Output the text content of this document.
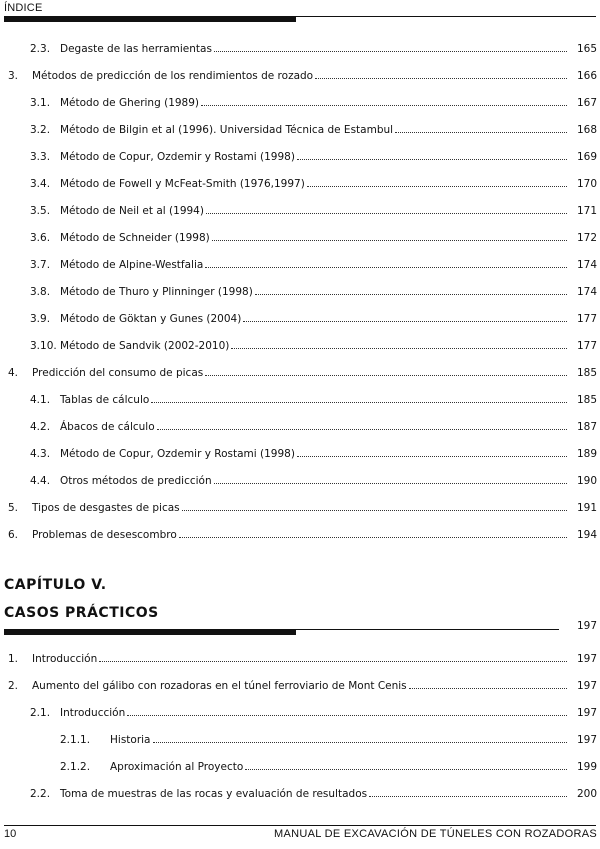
ÍNDICE
2.3. Degaste de las herramientas	165
3.	Métodos de predicción de los rendimientos de rozado	166
3.1. Método de Ghering (1989)	167
3.2. Método de Bilgin et al (1996). Universidad Técnica de Estambul	168
3.3. Método de Copur, Ozdemir y Rostami (1998)	169
3.4. Método de Fowell y McFeat-Smith (1976,1997)	170
3.5. Método de Neil et al (1994)	171
3.6. Método de Schneider (1998)	172
3.7. Método de Alpine-Westfalia	174
3.8. Método de Thuro y Plinninger (1998)	174
3.9. Método de Göktan y Gunes (2004)	177
3.10. Método de Sandvik (2002-2010)	177
4.	Predicción del consumo de picas	185
4.1. Tablas de cálculo	185
4.2. Ábacos de cálculo	187
4.3. Método de Copur, Ozdemir y Rostami (1998)	189
4.4. Otros métodos de predicción	190
5.	Tipos de desgastes de picas	191
6.	Problemas de desescombro	194
CAPÍTULO V.
CASOS PRÁCTICOS
197
1.	Introducción	197
2.	Aumento del gálibo con rozadoras en el túnel ferroviario de Mont Cenis	197
2.1. Introducción	197
2.1.1.	Historia	197
2.1.2.	Aproximación al Proyecto	199
2.2. Toma de muestras de las rocas y evaluación de resultados	200
10	MANUAL DE EXCAVACIÓN DE TÚNELES CON ROZADORAS
